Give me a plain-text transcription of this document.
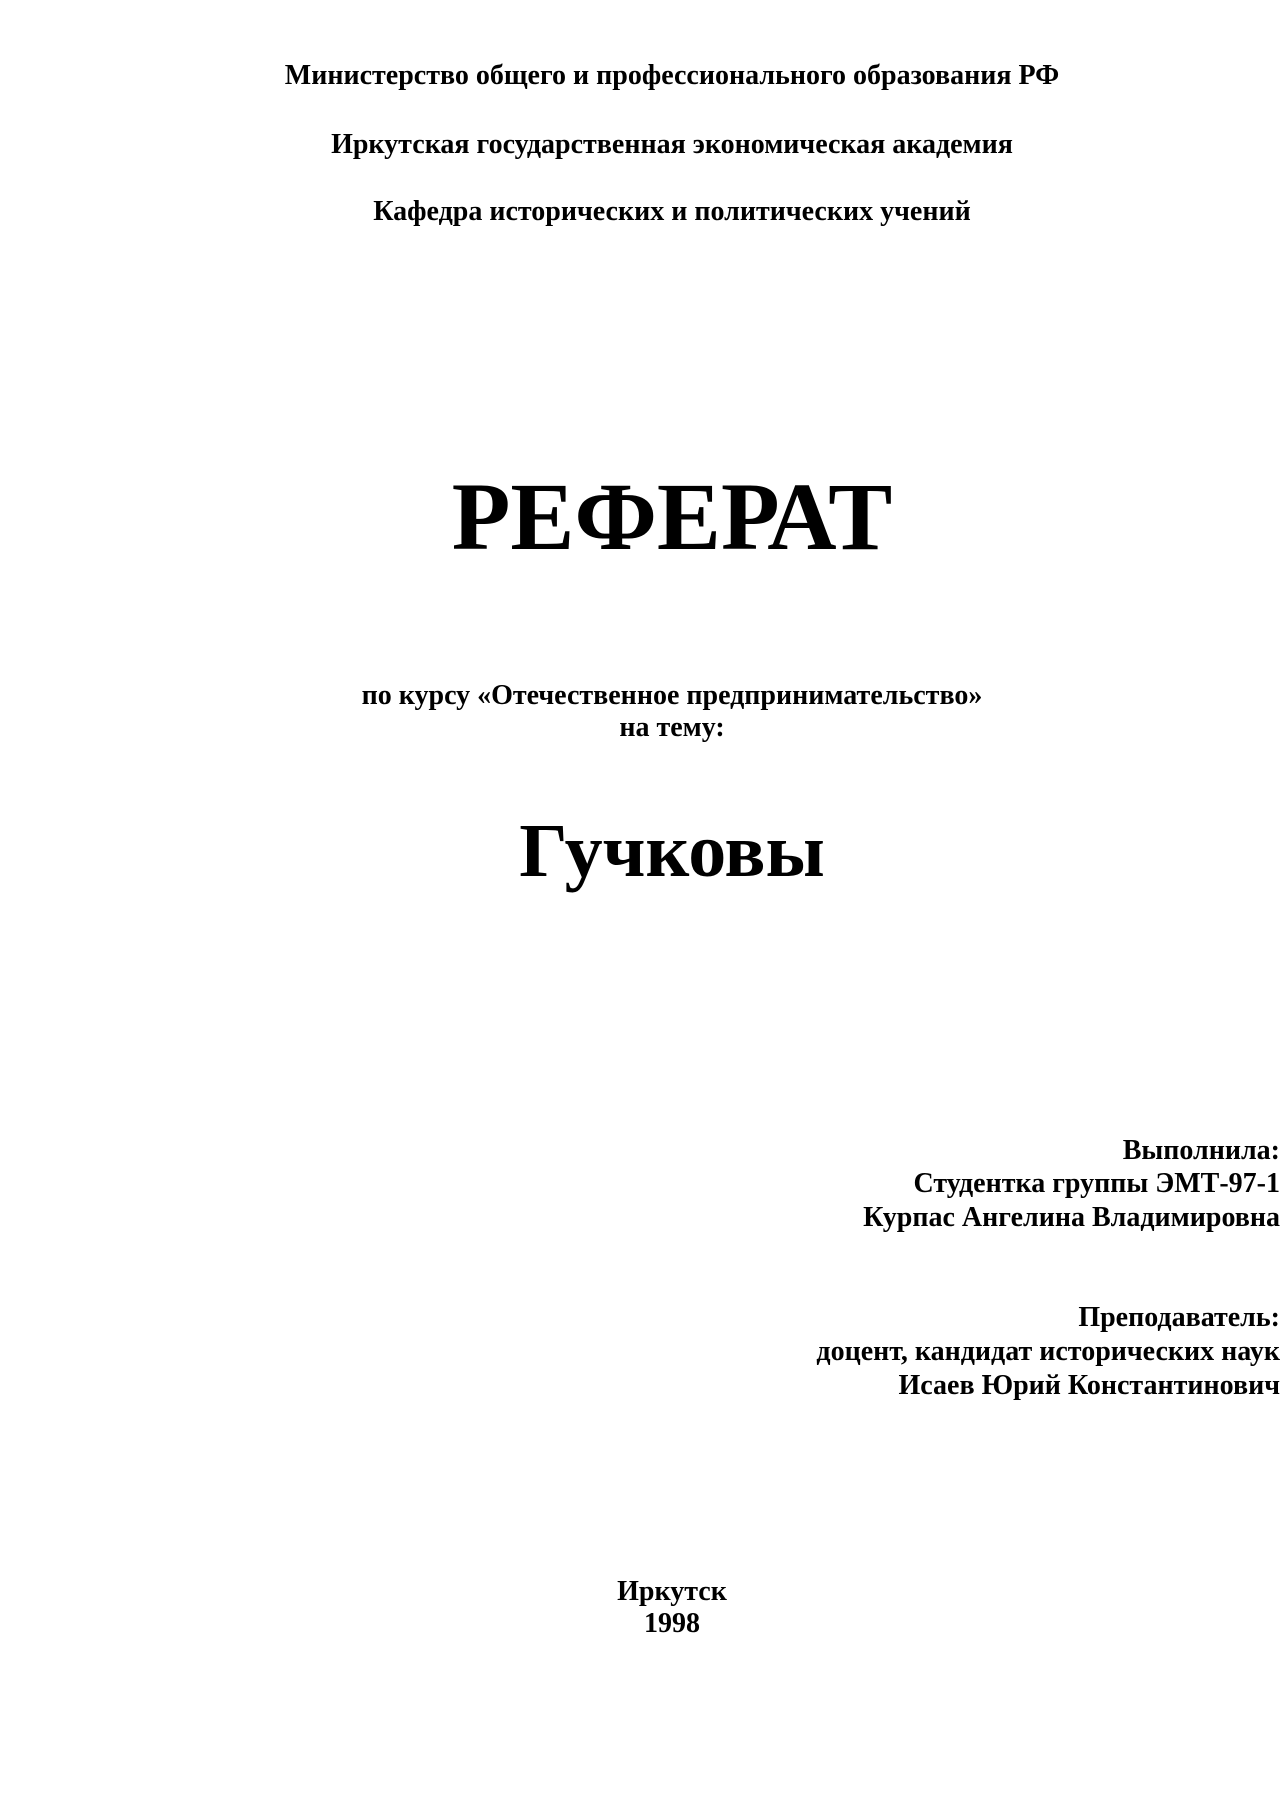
Министерство общего и профессионального образования РФ

Иркутская государственная экономическая академия

Кафедра исторических и политических учений

РЕФЕРАТ

по курсу «Отечественное предпринимательство»

на тему:

Гучковы

Выполнила:

Студентка группы ЭМТ-97-1

Курпас Ангелина Владимировна

Преподаватель:

доцент, кандидат исторических наук

Исаев Юрий Константинович

Иркутск

1998
